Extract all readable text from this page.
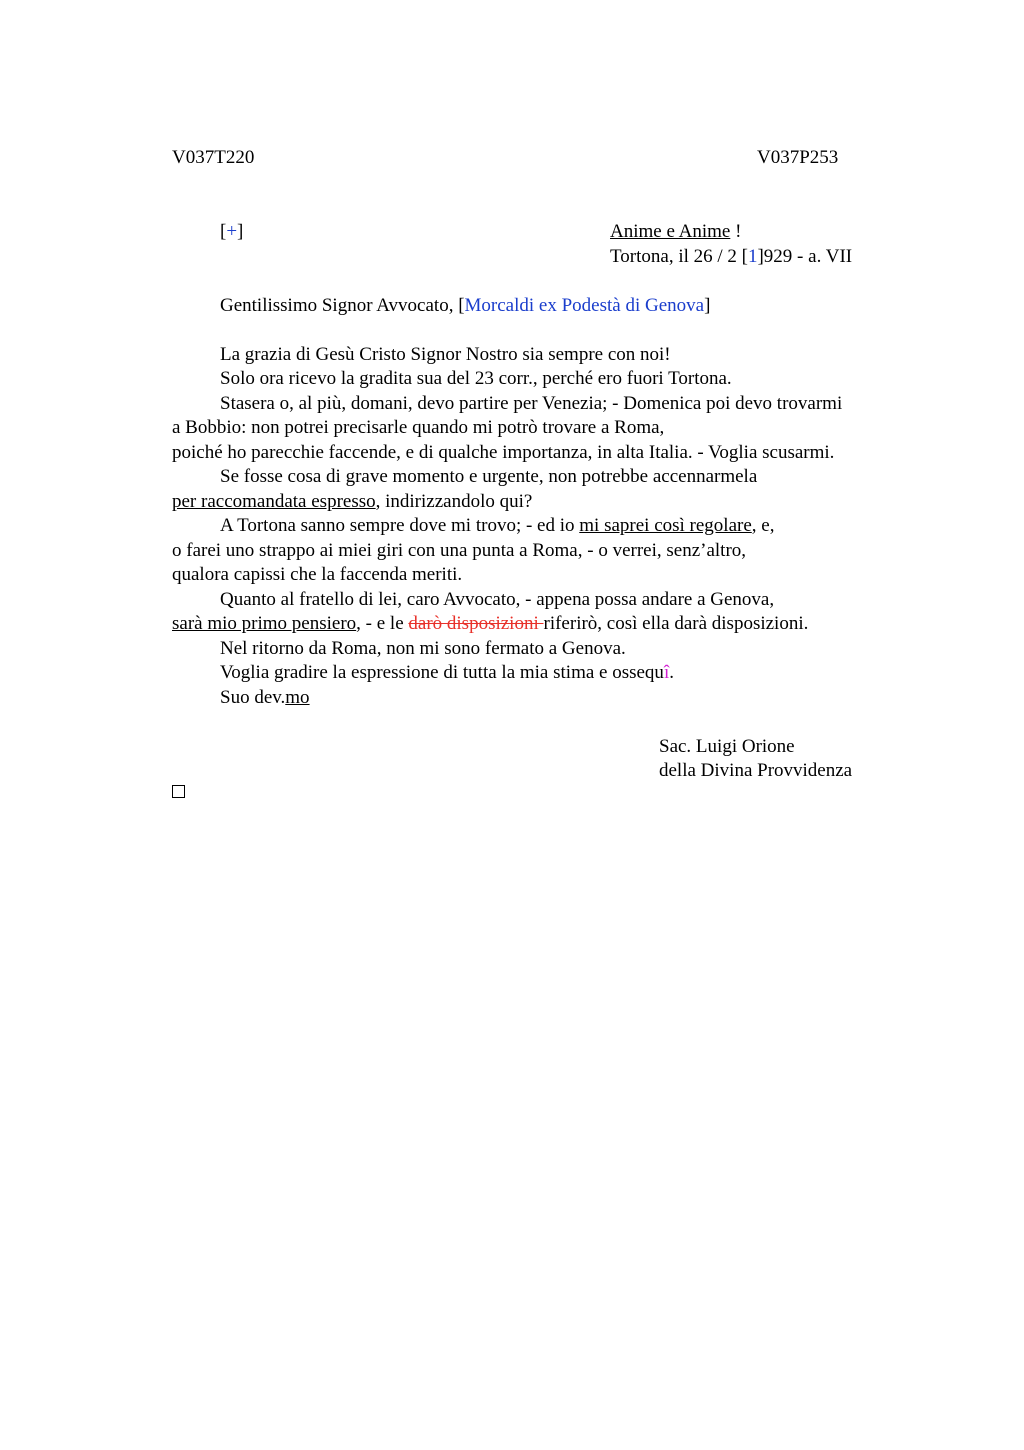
V037T220	V037P253
[+]	Anime e Anime !
Tortona, il 26 / 2 [1]929 - a. VII
Gentilissimo Signor Avvocato, [Morcaldi ex Podestà di Genova]
La grazia di Gesù Cristo Signor Nostro sia sempre con noi!
Solo ora ricevo la gradita sua del 23 corr., perché ero fuori Tortona.
Stasera o, al più, domani, devo partire per Venezia; - Domenica poi devo trovarmi
a Bobbio: non potrei precisarle quando mi potrò trovare a Roma,
poiché ho parecchie faccende, e di qualche importanza, in alta Italia. - Voglia scusarmi.
Se fosse cosa di grave momento e urgente, non potrebbe accennarmela
per raccomandata espresso, indirizzandolo qui?
A Tortona sanno sempre dove mi trovo; - ed io mi saprei così regolare, e,
o farei uno strappo ai miei giri con una punta a Roma, - o verrei, senz’altro,
qualora capissi che la faccenda meriti.
Quanto al fratello di lei, caro Avvocato, - appena possa andare a Genova,
sarà mio primo pensiero, - e le darò disposizioni riferirò, così ella darà disposizioni.
Nel ritorno da Roma, non mi sono fermato a Genova.
Voglia gradire la espressione di tutta la mia stima e ossequî.
Suo dev.mo
Sac. Luigi Orione
della Divina Provvidenza
